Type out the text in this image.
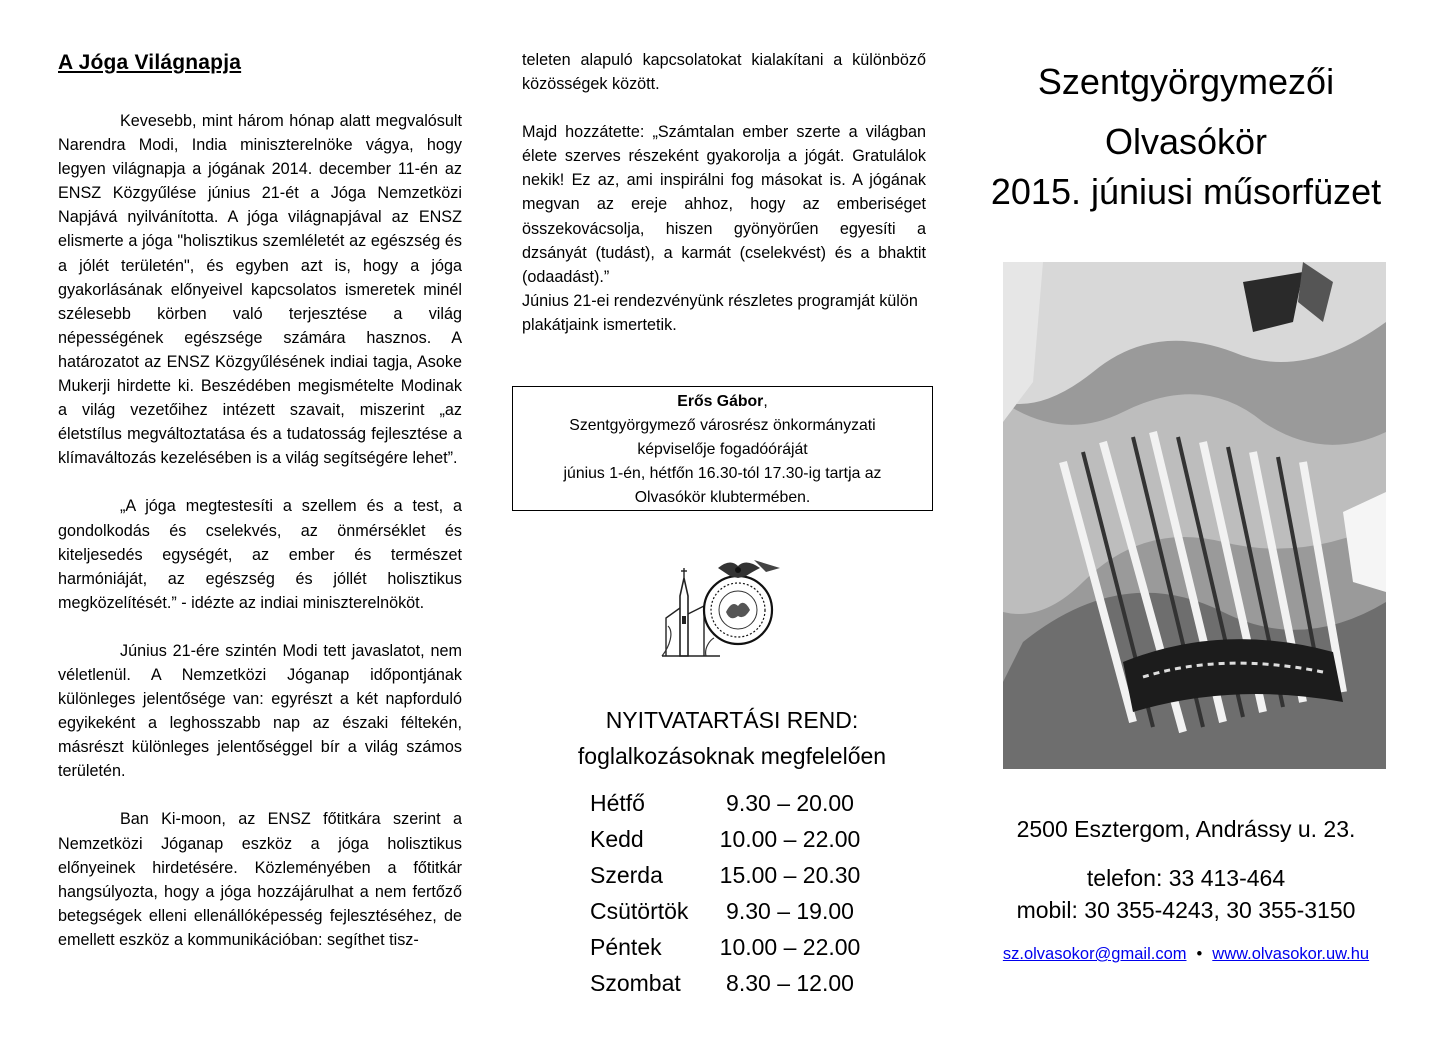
A Jóga Világnapja

Kevesebb, mint három hónap alatt megvalósult Narendra Modi, India miniszterelnöke vágya, hogy legyen világnapja a jógának 2014. december 11-én az ENSZ Közgyűlése június 21-ét a Jóga Nemzetközi Napjává nyilvánította. A jóga világnapjával az ENSZ elismerte a jóga "holisztikus szemléletét az egészség és a jólét területén", és egyben azt is, hogy a jóga gyakorlásának előnyeivel kapcsolatos ismeretek minél szélesebb körben való terjesztése a világ népességének egészsége számára hasznos. A határozatot az ENSZ Közgyűlésének indiai tagja, Asoke Mukerji hirdette ki. Beszédében megismételte Modinak a világ vezetőihez intézett szavait, miszerint „az életstílus megváltoztatása és a tudatosság fejlesztése a klímaváltozás kezelésében is a világ segítségére lehet”.

„A jóga megtestesíti a szellem és a test, a gondolkodás és cselekvés, az önmérséklet és kiteljesedés egységét, az ember és természet harmóniáját, az egészség és jóllét holisztikus megközelítését.” - idézte az indiai miniszterelnököt.

Június 21-ére szintén Modi tett javaslatot, nem véletlenül. A Nemzetközi Jóganap időpontjának különleges jelentősége van: egyrészt a két napforduló egyikeként a leghosszabb nap az északi féltekén, másrészt különleges jelentőséggel bír a világ számos területén.

Ban Ki-moon, az ENSZ főtitkára szerint a Nemzetközi Jóganap eszköz a jóga holisztikus előnyeinek hirdetésére. Közleményében a főtitkár hangsúlyozta, hogy a jóga hozzájárulhat a nem fertőző betegségek elleni ellenállóképesség fejlesztéséhez, de emellett eszköz a kommunikációban: segíthet tisz-

teleten alapuló kapcsolatokat kialakítani a különböző közösségek között.

Majd hozzátette: „Számtalan ember szerte a világban élete szerves részeként gyakorolja a jógát. Gratulálok nekik! Ez az, ami inspirálni fog másokat is. A jógának megvan az ereje ahhoz, hogy az emberiséget összekovácsolja, hiszen gyönyörűen egyesíti a dzsányát (tudást), a karmát (cselekvést) és a bhaktit (odaadást).”

Június 21-ei rendezvényünk részletes programját külön plakátjaink ismertetik.

Erős Gábor,
Szentgyörgymező városrész önkormányzati
képviselője fogadóóráját
június 1-én, hétfőn 16.30-tól 17.30-ig tartja az
Olvasókör klubtermében.
NYITVATARTÁSI REND:
foglalkozásoknak megfelelően
Hétfő	9.30 – 20.00
Kedd	10.00 – 22.00
Szerda	15.00 – 20.30
Csütörtök	9.30 – 19.00
Péntek	10.00 – 22.00
Szombat	8.30 – 12.00
Szentgyörgymezői
Olvasókör
2015. júniusi műsorfüzet
2500 Esztergom, Andrássy u. 23.
telefon: 33 413-464
mobil: 30 355-4243, 30 355-3150
sz.olvasokor@gmail.com • www.olvasokor.uw.hu
